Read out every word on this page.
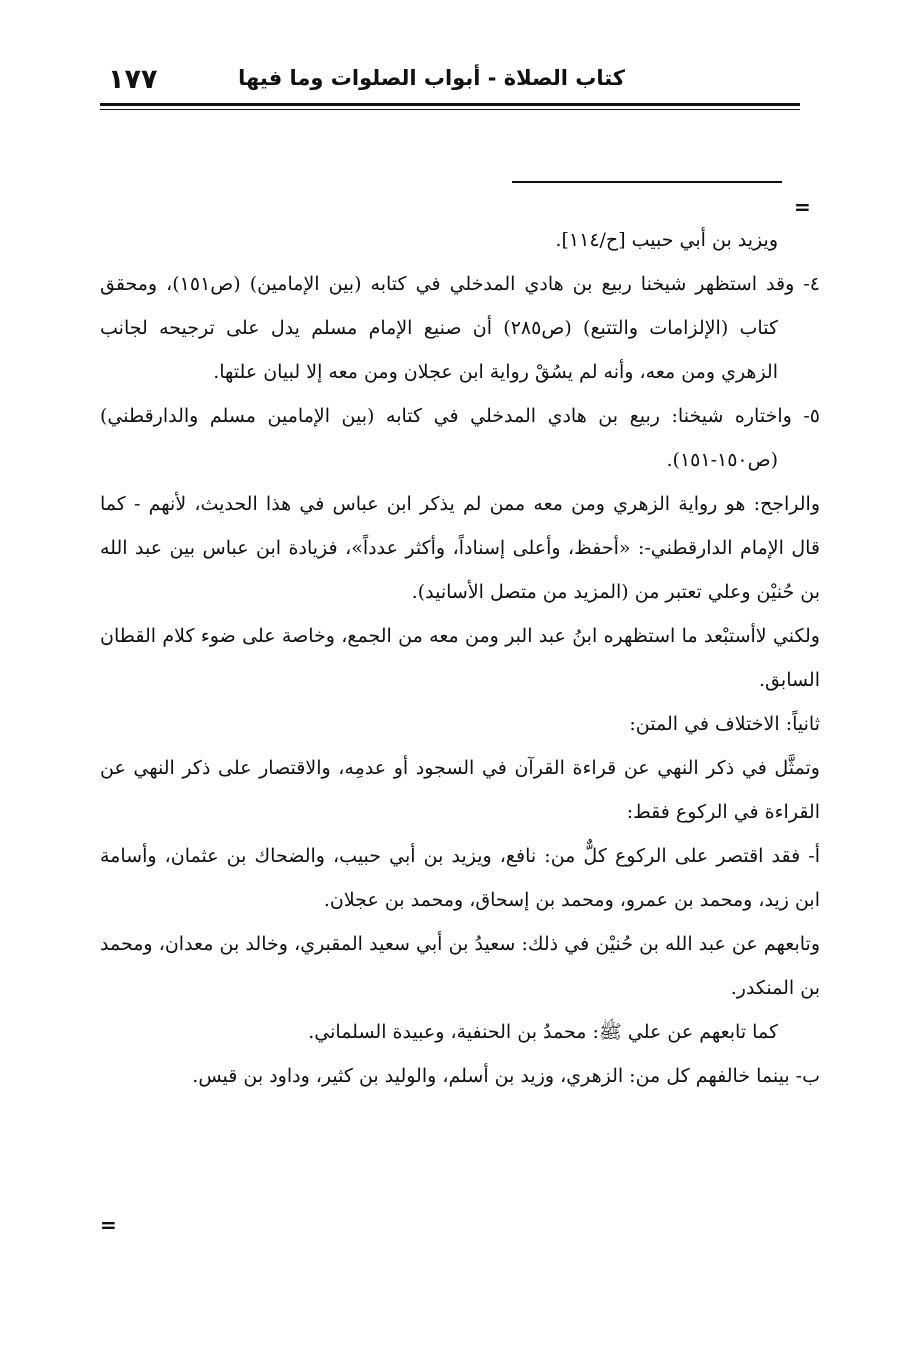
١٧٧	كتاب الصلاة - أبواب الصلوات وما فيها
=

ويزيد بن أبي حبيب [ح/١١٤].

٤- وقد استظهر شيخنا ربيع بن هادي المدخلي في كتابه (بين الإمامين) (ص١٥١)، ومحقق كتاب (الإلزامات والتتبع) (ص٢٨٥) أن صنيع الإمام مسلم يدل على ترجيحه لجانب الزهري ومن معه، وأنه لم يسُقْ رواية ابن عجلان ومن معه إلا لبيان علتها.

٥- واختاره شيخنا: ربيع بن هادي المدخلي في كتابه (بين الإمامين مسلم والدارقطني) (ص١٥٠-١٥١).

والراجح: هو رواية الزهري ومن معه ممن لم يذكر ابن عباس في هذا الحديث، لأنهم - كما قال الإمام الدارقطني-: «أحفظ، وأعلى إسناداً، وأكثر عدداً»، فزيادة ابن عباس بين عبد الله بن حُنيْن وعلي تعتبر من (المزيد من متصل الأسانيد).

ولكني لاأستبْعد ما استظهره ابنُ عبد البر ومن معه من الجمع، وخاصة على ضوء كلام القطان السابق.

ثانياً: الاختلاف في المتن:

وتمثَّل في ذكر النهي عن قراءة القرآن في السجود أو عدمِه، والاقتصار على ذكر النهي عن القراءة في الركوع فقط:

أ- فقد اقتصر على الركوع كلٌّ من: نافع، ويزيد بن أبي حبيب، والضحاك بن عثمان، وأسامة ابن زيد، ومحمد بن عمرو، ومحمد بن إسحاق، ومحمد بن عجلان.

وتابعهم عن عبد الله بن حُنيْن في ذلك: سعيدُ بن أبي سعيد المقبري، وخالد بن معدان، ومحمد بن المنكدر.

كما تابعهم عن علي ﷺ: محمدُ بن الحنفية، وعبيدة السلماني.

ب- بينما خالفهم كل من: الزهري، وزيد بن أسلم، والوليد بن كثير، وداود بن قيس.

=
